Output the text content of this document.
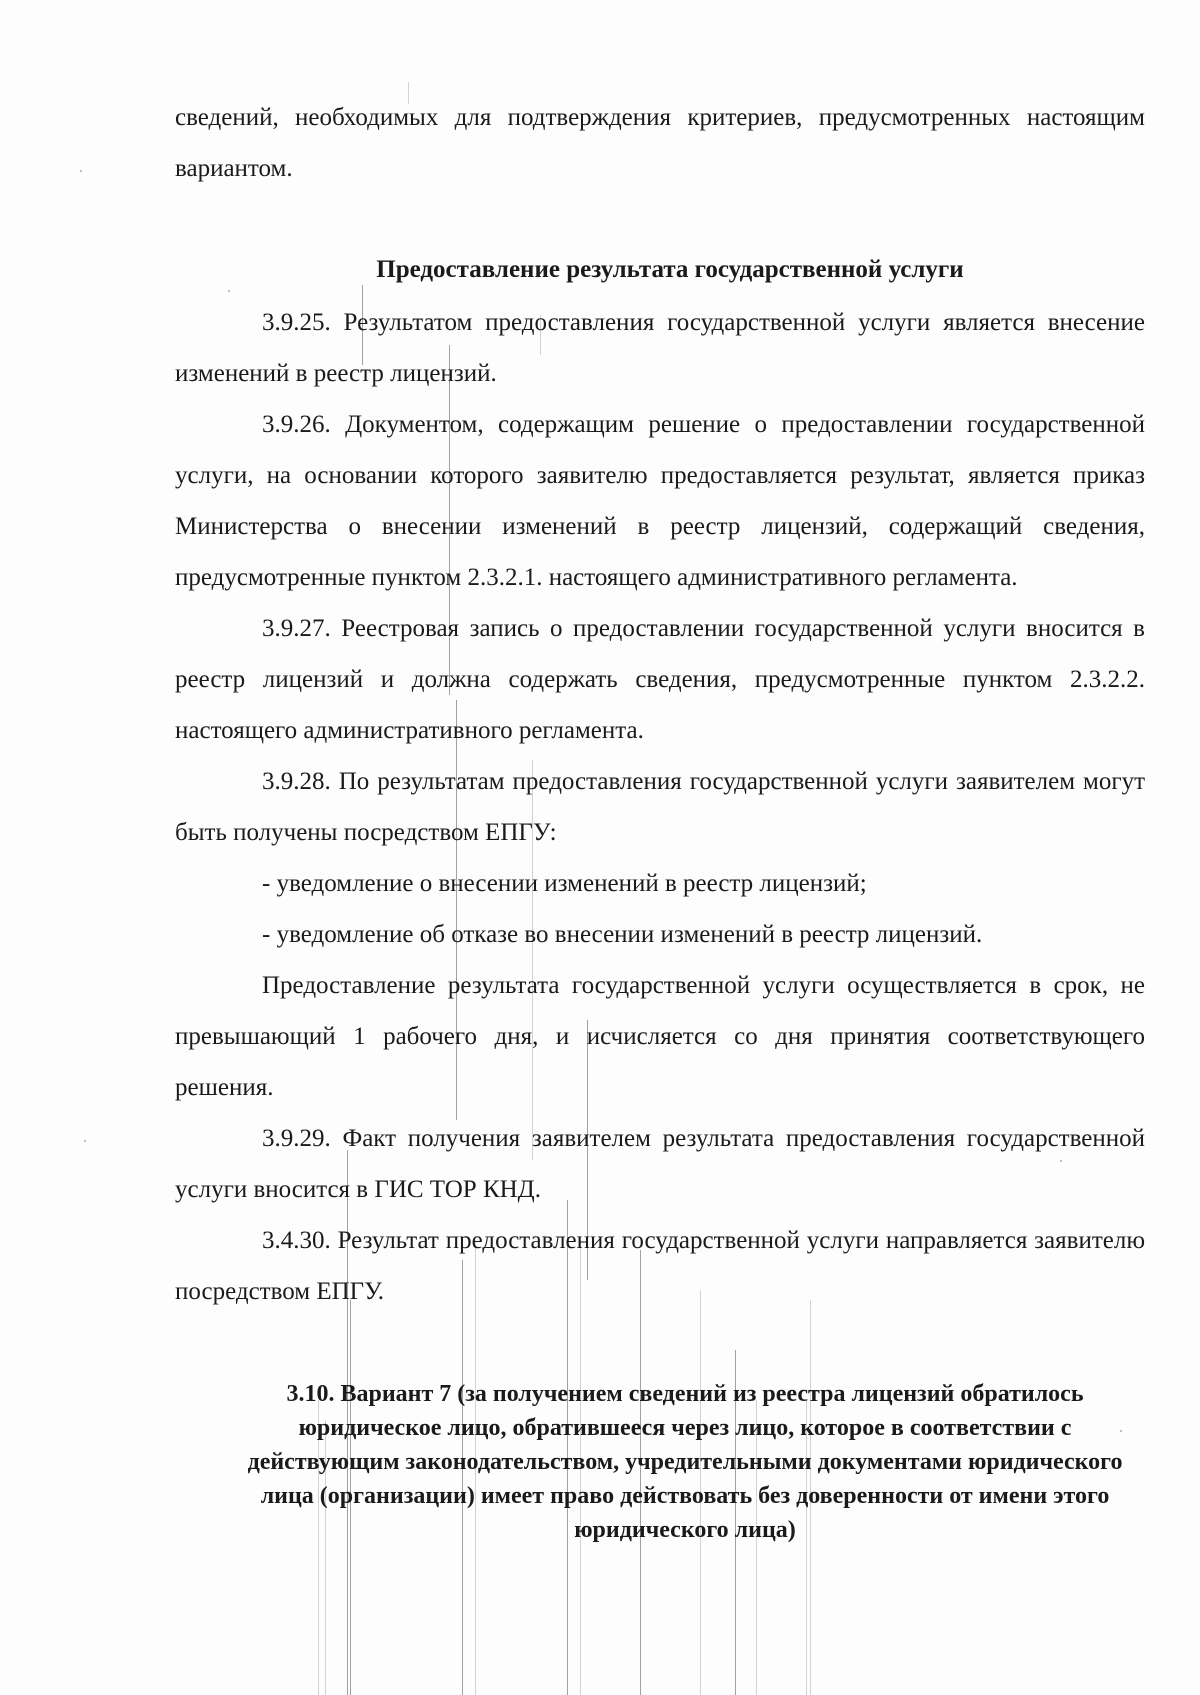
сведений, необходимых для подтверждения критериев, предусмотренных настоящим вариантом.

Предоставление результата государственной услуги

3.9.25. Результатом предоставления государственной услуги является внесение изменений в реестр лицензий.

3.9.26. Документом, содержащим решение о предоставлении государственной услуги, на основании которого заявителю предоставляется результат, является приказ Министерства о внесении изменений в реестр лицензий, содержащий сведения, предусмотренные пунктом 2.3.2.1. настоящего административного регламента.

3.9.27. Реестровая запись о предоставлении государственной услуги вносится в реестр лицензий и должна содержать сведения, предусмотренные пунктом 2.3.2.2. настоящего административного регламента.

3.9.28. По результатам предоставления государственной услуги заявителем могут быть получены посредством ЕПГУ:

- уведомление о внесении изменений в реестр лицензий;

- уведомление об отказе во внесении изменений в реестр лицензий.

Предоставление результата государственной услуги осуществляется в срок, не превышающий 1 рабочего дня, и исчисляется со дня принятия соответствующего решения.

3.9.29. Факт получения заявителем результата предоставления государственной услуги вносится в ГИС ТОР КНД.

3.4.30. Результат предоставления государственной услуги направляется заявителю посредством ЕПГУ.

3.10. Вариант 7 (за получением сведений из реестра лицензий обратилось юридическое лицо, обратившееся через лицо, которое в соответствии с действующим законодательством, учредительными документами юридического лица (организации) имеет право действовать без доверенности от имени этого юридического лица)
